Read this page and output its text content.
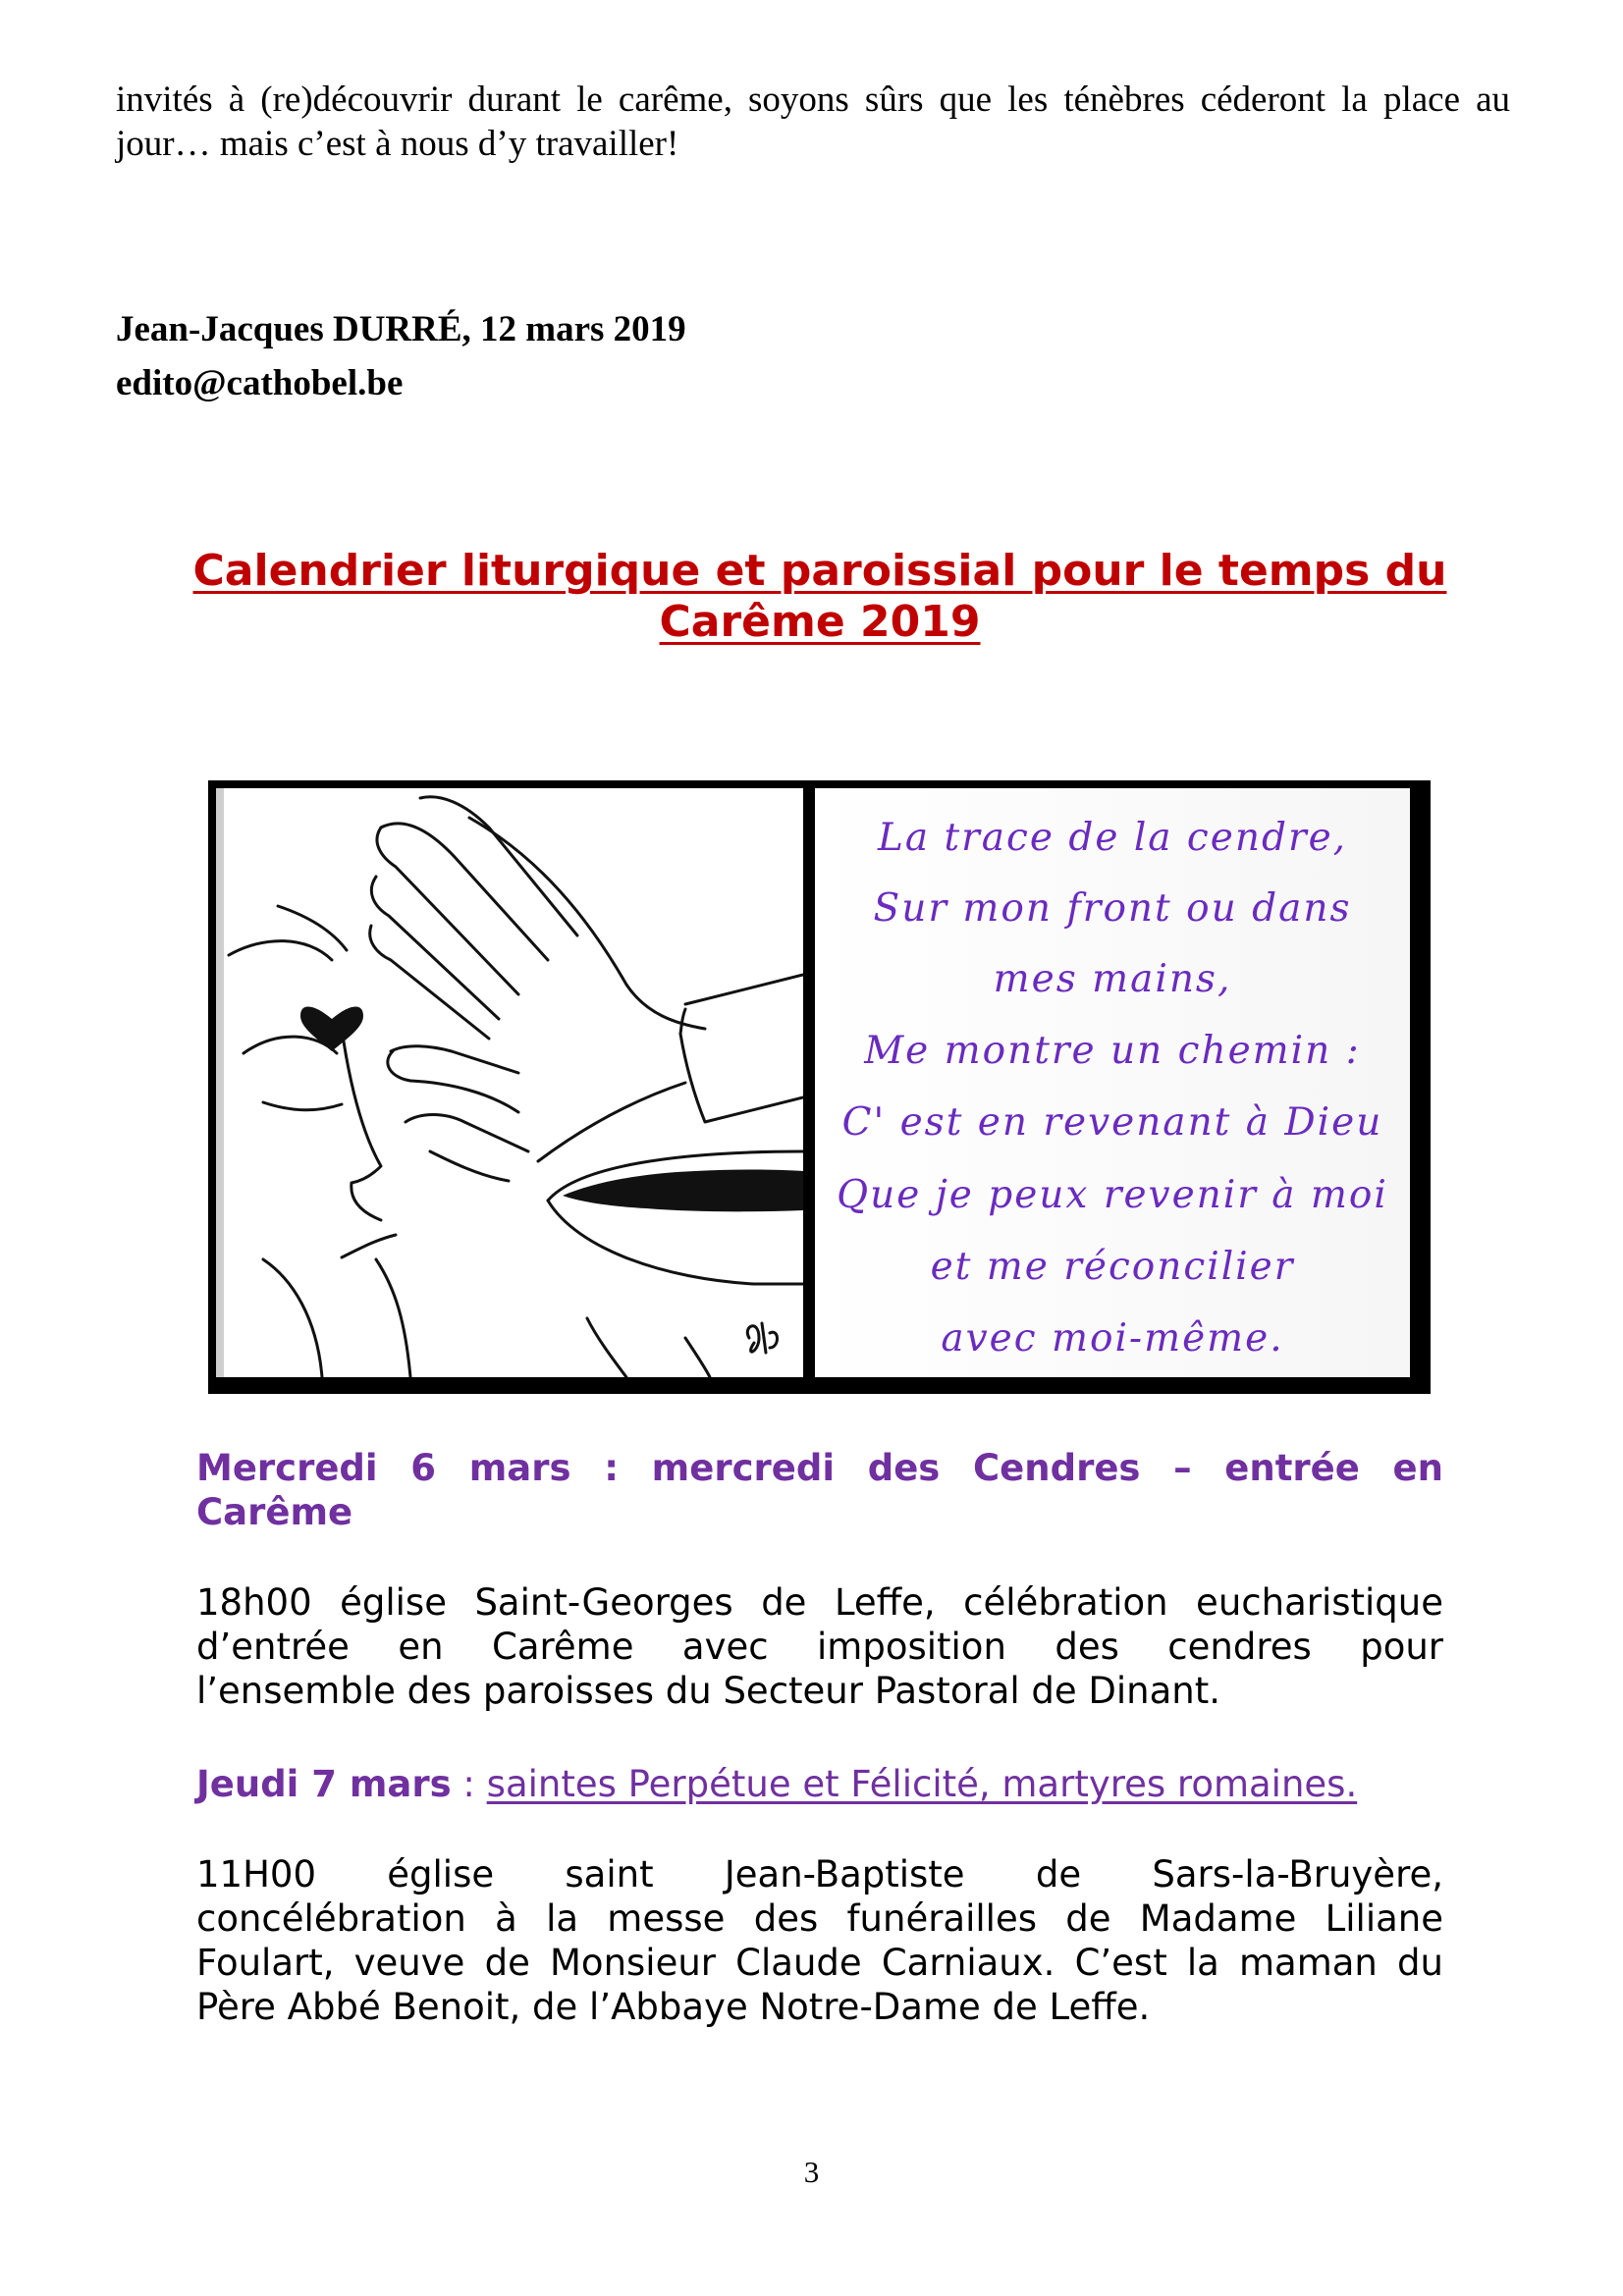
invités à (re)découvrir durant le carême, soyons sûrs que les ténèbres céderont la place au
jour… mais c’est à nous d’y travailler!
Jean-Jacques DURRÉ, 12 mars 2019
edito@cathobel.be
Calendrier liturgique et paroissial pour le temps du
Carême 2019
La trace de la cendre,
Sur mon front ou dans
mes mains,
Me montre un chemin :
C' est en revenant à Dieu
Que je peux revenir à moi
et me réconcilier
avec moi-même.
Mercredi 6 mars : mercredi des Cendres – entrée en
Carême
18h00 église Saint-Georges de Leffe, célébration eucharistique
d’entrée en Carême avec imposition des cendres pour
l’ensemble des paroisses du Secteur Pastoral de Dinant.
Jeudi 7 mars : saintes Perpétue et Félicité, martyres romaines.
11H00 église saint Jean-Baptiste de Sars-la-Bruyère,
concélébration à la messe des funérailles de Madame Liliane
Foulart, veuve de Monsieur Claude Carniaux. C’est la maman du
Père Abbé Benoit, de l’Abbaye Notre-Dame de Leffe.
3
